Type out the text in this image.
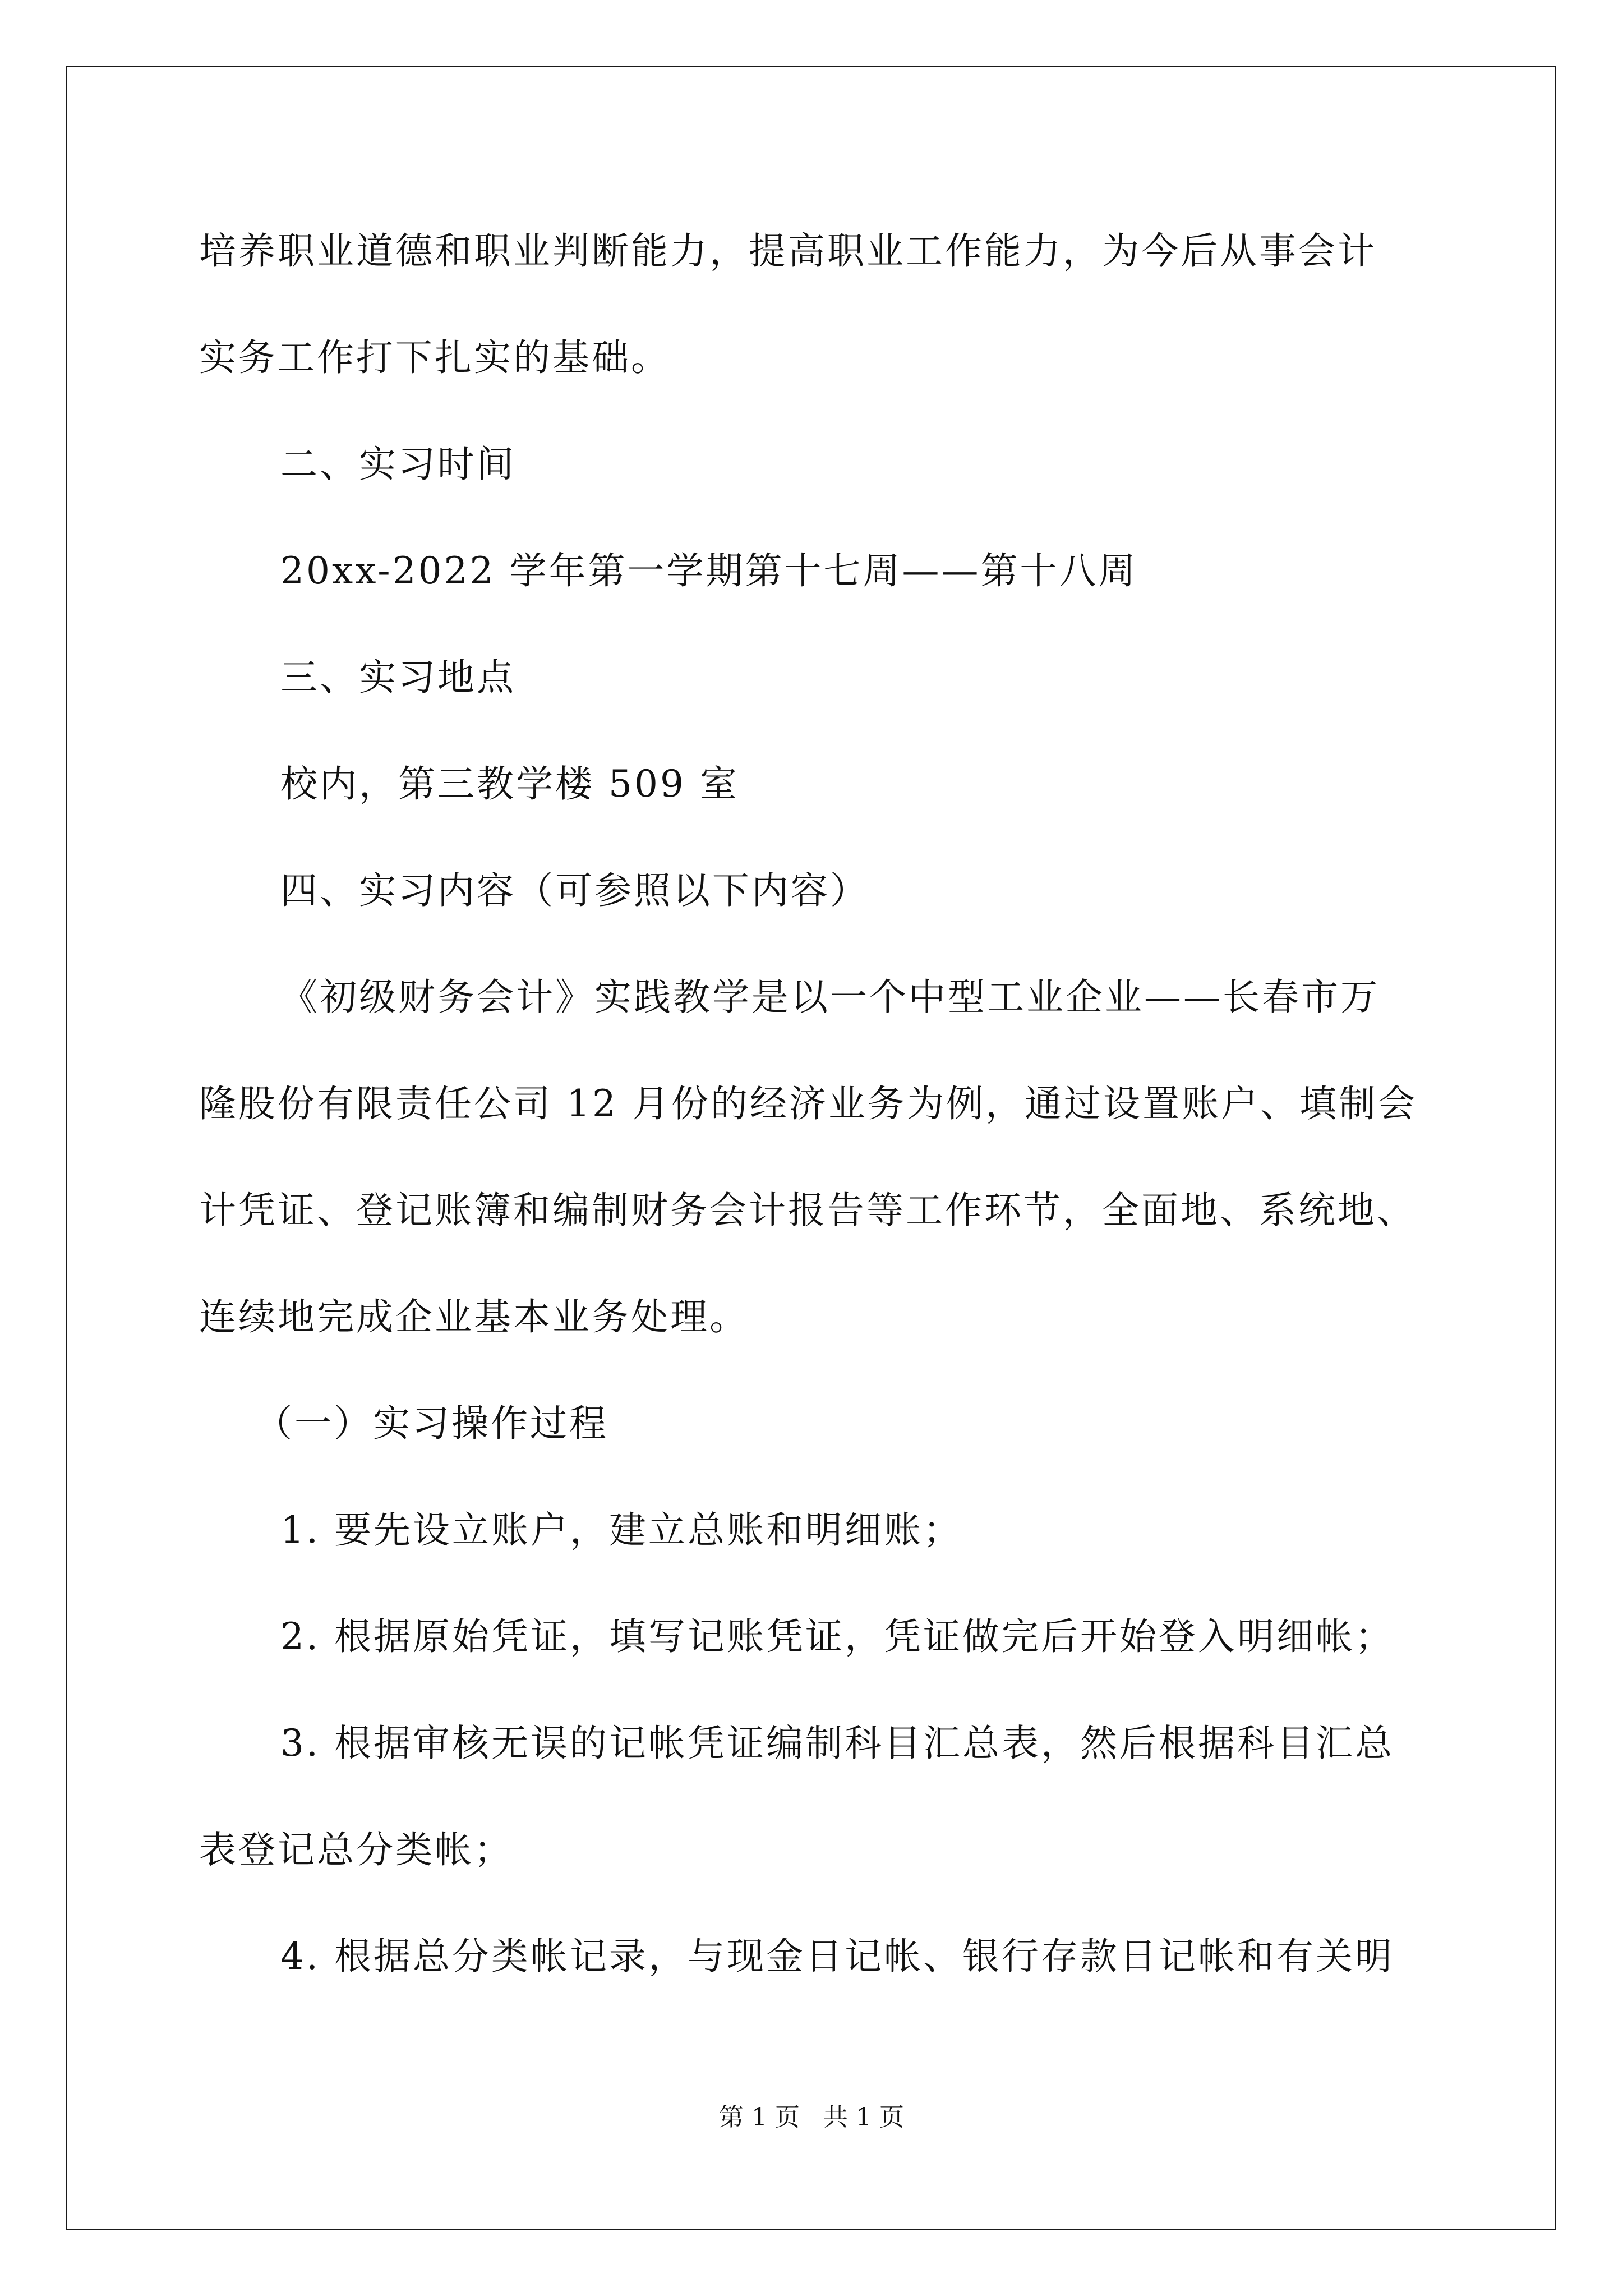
培养职业道德和职业判断能力，提高职业工作能力，为今后从事会计
实务工作打下扎实的基础。
二、实习时间
20xx-2022 学年第一学期第十七周——第十八周
三、实习地点
校内，第三教学楼 509 室
四、实习内容（可参照以下内容）
《初级财务会计》实践教学是以一个中型工业企业——长春市万
隆股份有限责任公司 12 月份的经济业务为例，通过设置账户、填制会
计凭证、登记账簿和编制财务会计报告等工作环节，全面地、系统地、
连续地完成企业基本业务处理。
（一）实习操作过程
1. 要先设立账户，建立总账和明细账；
2. 根据原始凭证，填写记账凭证，凭证做完后开始登入明细帐；
3. 根据审核无误的记帐凭证编制科目汇总表，然后根据科目汇总
表登记总分类帐；
4. 根据总分类帐记录，与现金日记帐、银行存款日记帐和有关明
第 1 页 共 1 页
